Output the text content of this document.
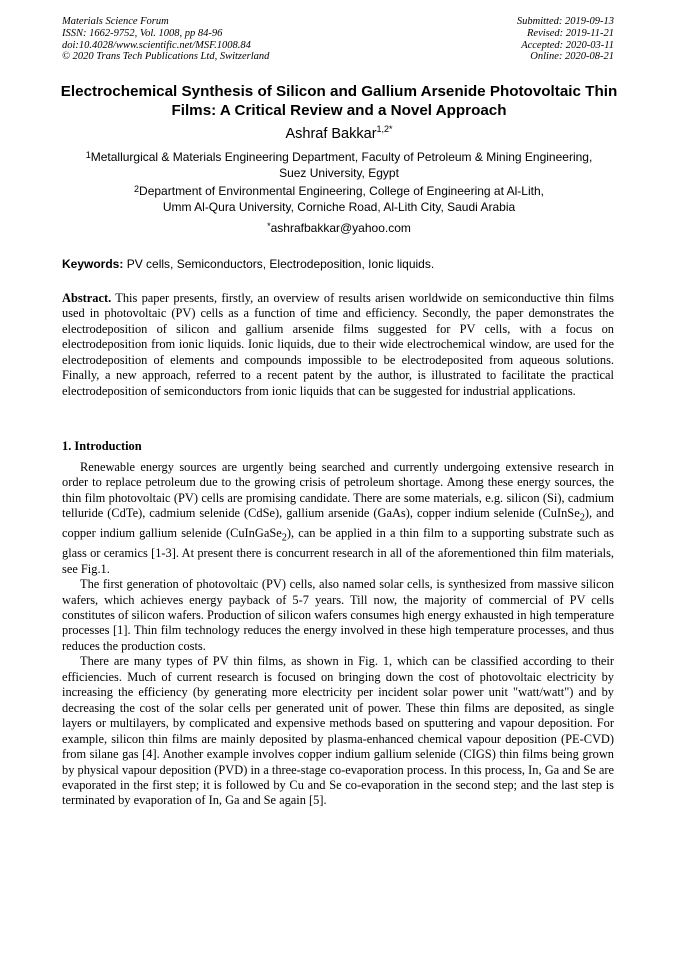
Materials Science Forum
ISSN: 1662-9752, Vol. 1008, pp 84-96
doi:10.4028/www.scientific.net/MSF.1008.84
© 2020 Trans Tech Publications Ltd, Switzerland
Submitted: 2019-09-13
Revised: 2019-11-21
Accepted: 2020-03-11
Online: 2020-08-21
Electrochemical Synthesis of Silicon and Gallium Arsenide Photovoltaic Thin Films: A Critical Review and a Novel Approach
Ashraf Bakkar$^{1,2*}$
$^1$Metallurgical & Materials Engineering Department, Faculty of Petroleum & Mining Engineering,
Suez University, Egypt
$^2$Department of Environmental Engineering, College of Engineering at Al-Lith,
Umm Al-Qura University, Corniche Road, Al-Lith City, Saudi Arabia
*ashrafbakkar@yahoo.com
Keywords: PV cells, Semiconductors, Electrodeposition, Ionic liquids.
Abstract. This paper presents, firstly, an overview of results arisen worldwide on semiconductive thin films used in photovoltaic (PV) cells as a function of time and efficiency. Secondly, the paper demonstrates the electrodeposition of silicon and gallium arsenide films suggested for PV cells, with a focus on electrodeposition from ionic liquids. Ionic liquids, due to their wide electrochemical window, are used for the electrodeposition of elements and compounds impossible to be electrodeposited from aqueous solutions. Finally, a new approach, referred to a recent patent by the author, is illustrated to facilitate the practical electrodeposition of semiconductors from ionic liquids that can be suggested for industrial applications.
1. Introduction

Renewable energy sources are urgently being searched and currently undergoing extensive research in order to replace petroleum due to the growing crisis of petroleum shortage. Among these energy sources, the thin film photovoltaic (PV) cells are promising candidate. There are some materials, e.g. silicon (Si), cadmium telluride (CdTe), cadmium selenide (CdSe), gallium arsenide (GaAs), copper indium selenide (CuInSe$_2$), and copper indium gallium selenide (CuInGaSe$_2$), can be applied in a thin film to a supporting substrate such as glass or ceramics [1-3]. At present there is concurrent research in all of the aforementioned thin film materials, see Fig.1.

The first generation of photovoltaic (PV) cells, also named solar cells, is synthesized from massive silicon wafers, which achieves energy payback of 5-7 years. Till now, the majority of commercial of PV cells constitutes of silicon wafers. Production of silicon wafers consumes high energy exhausted in high temperature processes [1]. Thin film technology reduces the energy involved in these high temperature processes, and thus reduces the production costs.

There are many types of PV thin films, as shown in Fig. 1, which can be classified according to their efficiencies. Much of current research is focused on bringing down the cost of photovoltaic electricity by increasing the efficiency (by generating more electricity per incident solar power unit "watt/watt") and by decreasing the cost of the solar cells per generated unit of power. These thin films are deposited, as single layers or multilayers, by complicated and expensive methods based on sputtering and vapour deposition. For example, silicon thin films are mainly deposited by plasma-enhanced chemical vapour deposition (PE-CVD) from silane gas [4]. Another example involves copper indium gallium selenide (CIGS) thin films being grown by physical vapour deposition (PVD) in a three-stage co-evaporation process. In this process, In, Ga and Se are evaporated in the first step; it is followed by Cu and Se co-evaporation in the second step; and the last step is terminated by evaporation of In, Ga and Se again [5].
